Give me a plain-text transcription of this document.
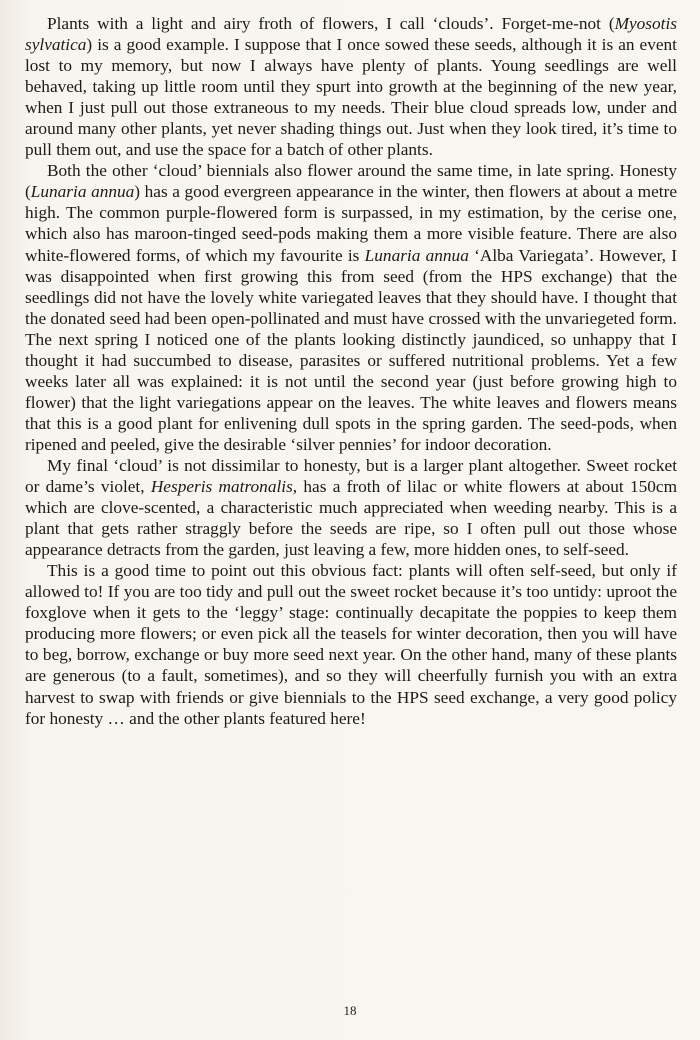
Plants with a light and airy froth of flowers, I call ‘clouds’. Forget-me-not (Myosotis sylvatica) is a good example. I suppose that I once sowed these seeds, although it is an event lost to my memory, but now I always have plenty of plants. Young seedlings are well behaved, taking up little room until they spurt into growth at the beginning of the new year, when I just pull out those extraneous to my needs. Their blue cloud spreads low, under and around many other plants, yet never shading things out. Just when they look tired, it’s time to pull them out, and use the space for a batch of other plants.

Both the other ‘cloud’ biennials also flower around the same time, in late spring. Honesty (Lunaria annua) has a good evergreen appearance in the winter, then flowers at about a metre high. The common purple-flowered form is surpassed, in my estimation, by the cerise one, which also has maroon-tinged seed-pods making them a more visible feature. There are also white-flowered forms, of which my favourite is Lunaria annua ‘Alba Variegata’. However, I was disappointed when first growing this from seed (from the HPS exchange) that the seedlings did not have the lovely white variegated leaves that they should have. I thought that the donated seed had been open-pollinated and must have crossed with the unvariegeted form. The next spring I noticed one of the plants looking distinctly jaundiced, so unhappy that I thought it had succumbed to disease, parasites or suffered nutritional problems. Yet a few weeks later all was explained: it is not until the second year (just before growing high to flower) that the light variegations appear on the leaves. The white leaves and flowers means that this is a good plant for enlivening dull spots in the spring garden. The seed-pods, when ripened and peeled, give the desirable ‘silver pennies’ for indoor decoration.

My final ‘cloud’ is not dissimilar to honesty, but is a larger plant altogether. Sweet rocket or dame’s violet, Hesperis matronalis, has a froth of lilac or white flowers at about 150cm which are clove-scented, a characteristic much appreciated when weeding nearby. This is a plant that gets rather straggly before the seeds are ripe, so I often pull out those whose appearance detracts from the garden, just leaving a few, more hidden ones, to self-seed.

This is a good time to point out this obvious fact: plants will often self-seed, but only if allowed to! If you are too tidy and pull out the sweet rocket because it’s too untidy: uproot the foxglove when it gets to the ‘leggy’ stage: continually decapitate the poppies to keep them producing more flowers; or even pick all the teasels for winter decoration, then you will have to beg, borrow, exchange or buy more seed next year. On the other hand, many of these plants are generous (to a fault, sometimes), and so they will cheerfully furnish you with an extra harvest to swap with friends or give biennials to the HPS seed exchange, a very good policy for honesty … and the other plants featured here!

18
